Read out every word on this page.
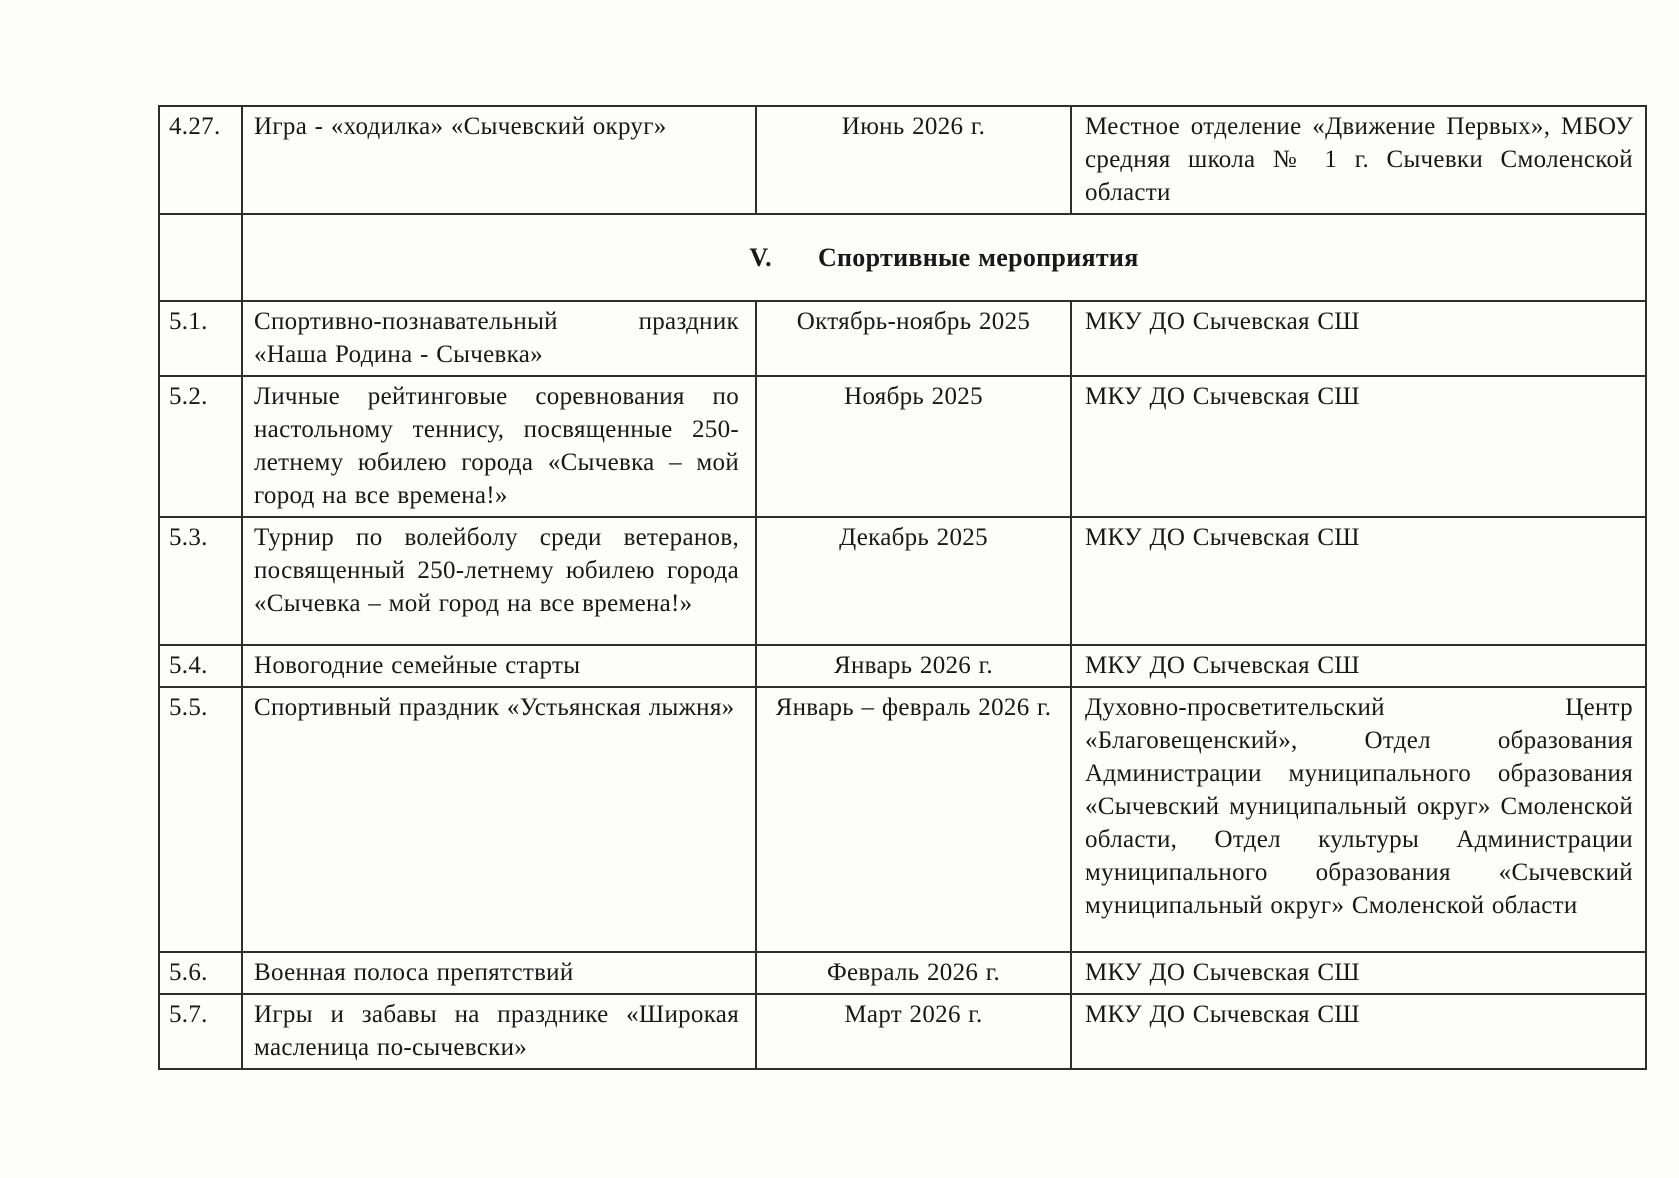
4.27.	Игра - «ходилка» «Сычевский округ»	Июнь 2026 г.	Местное отделение «Движение Первых», МБОУ средняя школа № 1 г. Сычевки Смоленской области
	V. Спортивные мероприятия		
5.1.	Спортивно-познавательный праздник «Наша Родина - Сычевка»	Октябрь-ноябрь 2025	МКУ ДО Сычевская СШ
5.2.	Личные рейтинговые соревнования по настольному теннису, посвященные 250-летнему юбилею города «Сычевка – мой город на все времена!»	Ноябрь 2025	МКУ ДО Сычевская СШ
5.3.	Турнир по волейболу среди ветеранов, посвященный 250-летнему юбилею города «Сычевка – мой город на все времена!»	Декабрь 2025	МКУ ДО Сычевская СШ
5.4.	Новогодние семейные старты	Январь 2026 г.	МКУ ДО Сычевская СШ
5.5.	Спортивный праздник «Устьянская лыжня»	Январь – февраль 2026 г.	Духовно-просветительский Центр «Благовещенский», Отдел образования Администрации муниципального образования «Сычевский муниципальный округ» Смоленской области, Отдел культуры Администрации муниципального образования «Сычевский муниципальный округ» Смоленской области
5.6.	Военная полоса препятствий	Февраль 2026 г.	МКУ ДО Сычевская СШ
5.7.	Игры и забавы на празднике «Широкая масленица по-сычевски»	Март 2026 г.	МКУ ДО Сычевская СШ
